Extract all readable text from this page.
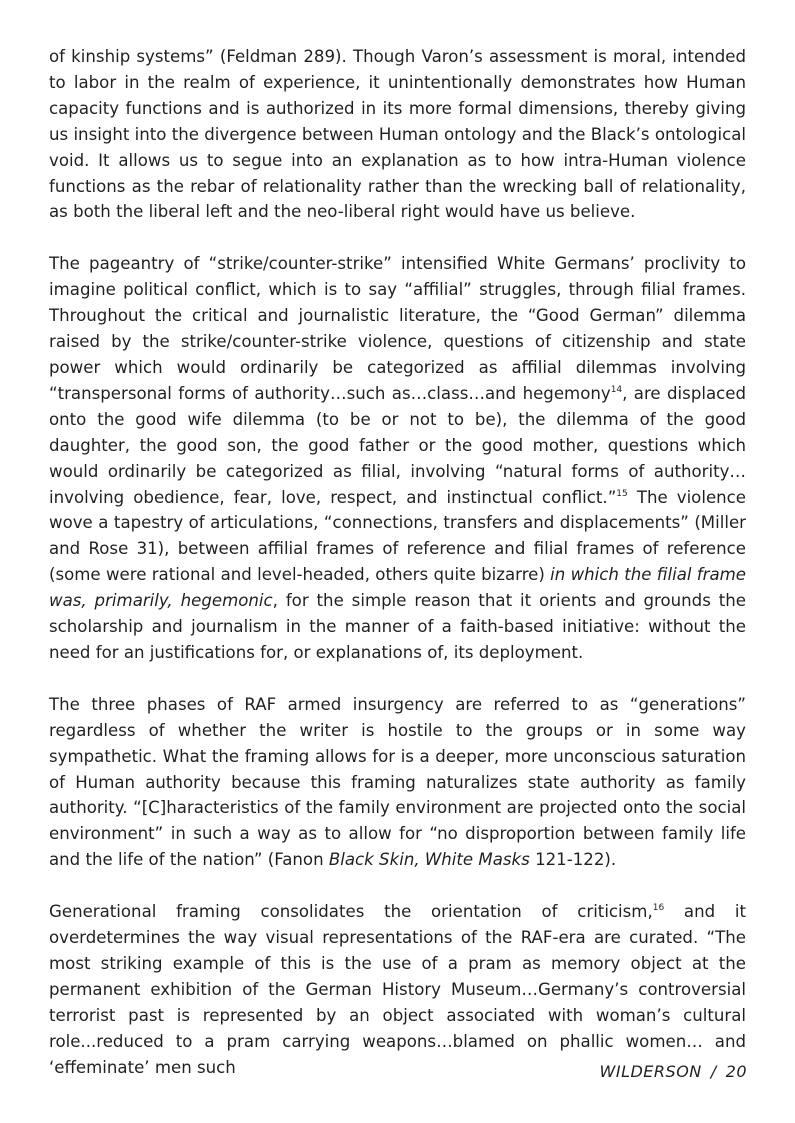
of kinship systems” (Feldman 289). Though Varon’s assessment is moral, intended to labor in the realm of experience, it unintentionally demonstrates how Human capacity functions and is authorized in its more formal dimensions, thereby giving us insight into the divergence between Human ontology and the Black’s ontological void. It allows us to segue into an explanation as to how intra-Human violence functions as the rebar of relationality rather than the wrecking ball of relationality, as both the liberal left and the neo-liberal right would have us believe.

The pageantry of “strike/counter-strike” intensified White Germans’ proclivity to imagine political conflict, which is to say “affilial” struggles, through filial frames. Throughout the critical and journalistic literature, the “Good German” dilemma raised by the strike/counter-strike violence, questions of citizenship and state power which would ordinarily be categorized as affilial dilemmas involving “transpersonal forms of authority…such as…class…and hegemony$^{14}$, are displaced onto the good wife dilemma (to be or not to be), the dilemma of the good daughter, the good son, the good father or the good mother, questions which would ordinarily be categorized as filial, involving “natural forms of authority…involving obedience, fear, love, respect, and instinctual conflict.”$^{15}$ The violence wove a tapestry of articulations, “connections, transfers and displacements” (Miller and Rose 31), between affilial frames of reference and filial frames of reference (some were rational and level-headed, others quite bizarre) in which the filial frame was, primarily, hegemonic, for the simple reason that it orients and grounds the scholarship and journalism in the manner of a faith-based initiative: without the need for an justifications for, or explanations of, its deployment.

The three phases of RAF armed insurgency are referred to as “generations” regardless of whether the writer is hostile to the groups or in some way sympathetic. What the framing allows for is a deeper, more unconscious saturation of Human authority because this framing naturalizes state authority as family authority. “[C]haracteristics of the family environment are projected onto the social environment” in such a way as to allow for “no disproportion between family life and the life of the nation” (Fanon Black Skin, White Masks 121-122).

Generational framing consolidates the orientation of criticism,$^{16}$ and it overdetermines the way visual representations of the RAF-era are curated. “The most striking example of this is the use of a pram as memory object at the permanent exhibition of the German History Museum…Germany’s controversial terrorist past is represented by an object associated with woman’s cultural role...reduced to a pram carrying weapons…blamed on phallic women… and ‘effeminate’ men such	WILDERSON / 20
